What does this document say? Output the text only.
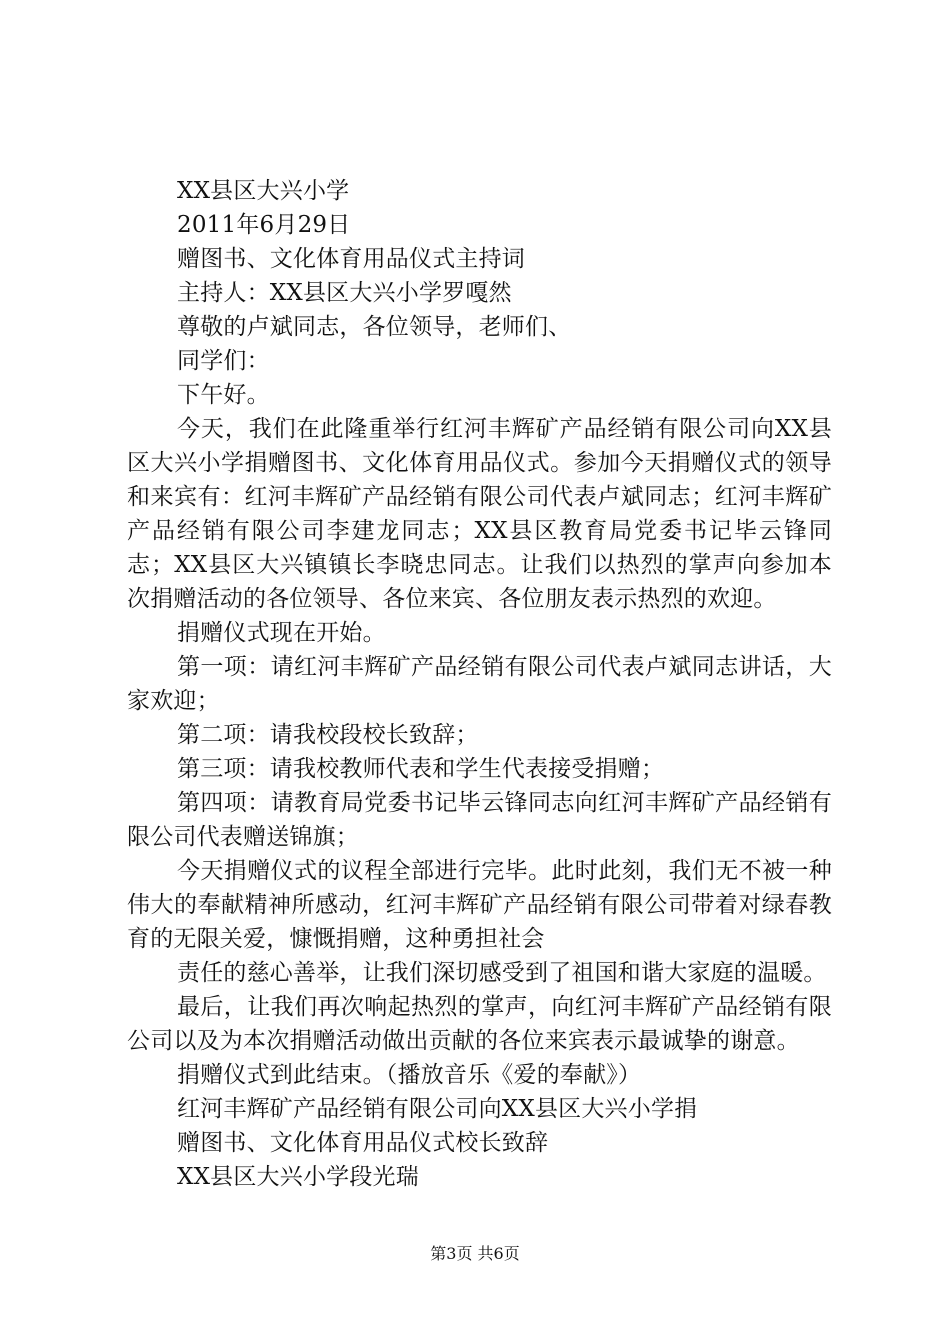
XX县区大兴小学

2011年6月29日

赠图书、文化体育用品仪式主持词

主持人：XX县区大兴小学罗嘎然

尊敬的卢斌同志，各位领导，老师们、

同学们：

下午好。

今天，我们在此隆重举行红河丰辉矿产品经销有限公司向XX县区大兴小学捐赠图书、文化体育用品仪式。参加今天捐赠仪式的领导和来宾有：红河丰辉矿产品经销有限公司代表卢斌同志；红河丰辉矿产品经销有限公司李建龙同志；XX县区教育局党委书记毕云锋同志；XX县区大兴镇镇长李晓忠同志。让我们以热烈的掌声向参加本次捐赠活动的各位领导、各位来宾、各位朋友表示热烈的欢迎。

捐赠仪式现在开始。

第一项：请红河丰辉矿产品经销有限公司代表卢斌同志讲话，大家欢迎；

第二项：请我校段校长致辞；

第三项：请我校教师代表和学生代表接受捐赠；

第四项：请教育局党委书记毕云锋同志向红河丰辉矿产品经销有限公司代表赠送锦旗；

今天捐赠仪式的议程全部进行完毕。此时此刻，我们无不被一种伟大的奉献精神所感动，红河丰辉矿产品经销有限公司带着对绿春教育的无限关爱，慷慨捐赠，这种勇担社会

责任的慈心善举，让我们深切感受到了祖国和谐大家庭的温暖。

最后，让我们再次响起热烈的掌声，向红河丰辉矿产品经销有限公司以及为本次捐赠活动做出贡献的各位来宾表示最诚挚的谢意。

捐赠仪式到此结束。（播放音乐《爱的奉献》）

红河丰辉矿产品经销有限公司向XX县区大兴小学捐

赠图书、文化体育用品仪式校长致辞

XX县区大兴小学段光瑞

第3页 共6页
